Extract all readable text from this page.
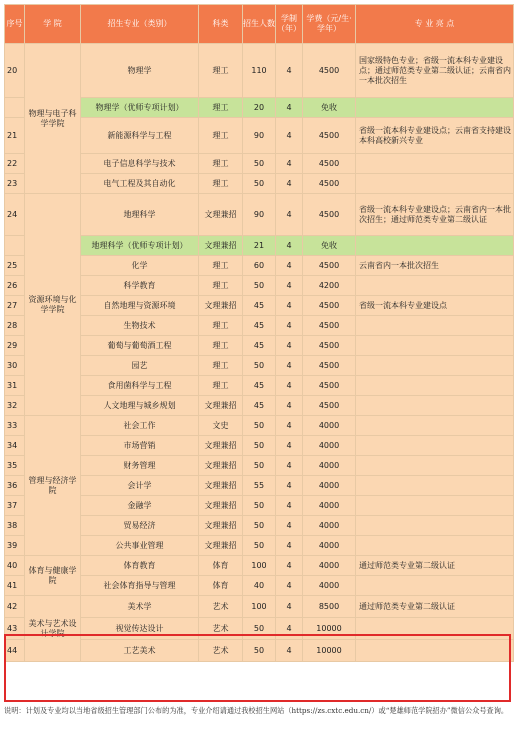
序号	学 院	招生专业（类别）	科类	招生人数	学制（年）	学费（元/生·学年）	专 业 亮 点
20	物理与电子科学学院	物理学	理工	110	4	4500	国家级特色专业；省级一流本科专业建设点；通过师范类专业第二级认证；云南省内一本批次招生
		物理学（优师专项计划）	理工	20	4	免收	
21		新能源科学与工程	理工	90	4	4500	省级一流本科专业建设点；云南省支持建设本科高校新兴专业
22		电子信息科学与技术	理工	50	4	4500	
23		电气工程及其自动化	理工	50	4	4500	
24	资源环境与化学学院	地理科学	文理兼招	90	4	4500	省级一流本科专业建设点；云南省内一本批次招生；通过师范类专业第二级认证
		地理科学（优师专项计划）	文理兼招	21	4	免收	
25		化学	理工	60	4	4500	云南省内一本批次招生
26		科学教育	理工	50	4	4200	
27		自然地理与资源环境	文理兼招	45	4	4500	省级一流本科专业建设点
28		生物技术	理工	45	4	4500	
29		葡萄与葡萄酒工程	理工	45	4	4500	
30		园艺	理工	50	4	4500	
31		食用菌科学与工程	理工	45	4	4500	
32		人文地理与城乡规划	文理兼招	45	4	4500	
33	管理与经济学院	社会工作	文史	50	4	4000	
34		市场营销	文理兼招	50	4	4000	
35		财务管理	文理兼招	50	4	4000	
36		会计学	文理兼招	55	4	4000	
37		金融学	文理兼招	50	4	4000	
38		贸易经济	文理兼招	50	4	4000	
39		公共事业管理	文理兼招	50	4	4000	
40	体育与健康学院	体育教育	体育	100	4	4000	通过师范类专业第二级认证
41		社会体育指导与管理	体育	40	4	4000	
42	美术与艺术设计学院	美术学	艺术	100	4	8500	通过师范类专业第二级认证
43		视觉传达设计	艺术	50	4	10000	
44		工艺美术	艺术	50	4	10000	
说明：计划及专业均以当地省级招生管理部门公布的为准，专业介绍请通过我校招生网站（https://zs.cxtc.edu.cn/）或“楚雄师范学院招办”微信公众号查询。
